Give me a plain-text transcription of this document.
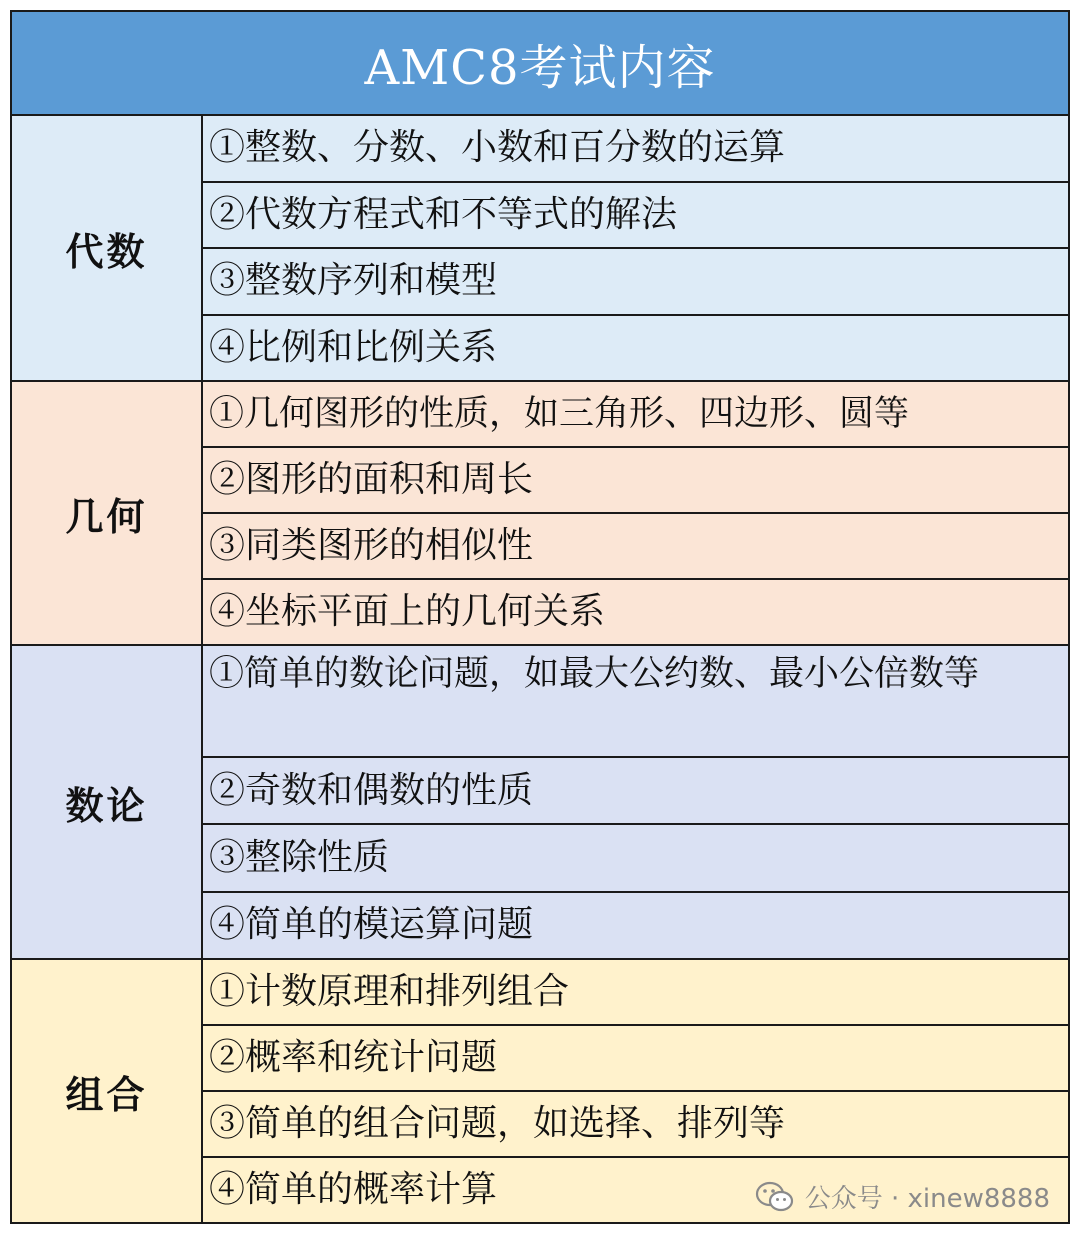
AMC8考试内容
代数
①整数、分数、小数和百分数的运算
②代数方程式和不等式的解法
③整数序列和模型
④比例和比例关系
几何
①几何图形的性质，如三角形、四边形、圆等
②图形的面积和周长
③同类图形的相似性
④坐标平面上的几何关系
数论
①简单的数论问题，如最大公约数、最小公倍数等
②奇数和偶数的性质
③整除性质
④简单的模运算问题
组合
①计数原理和排列组合
②概率和统计问题
③简单的组合问题，如选择、排列等
④简单的概率计算	公众号 · xinew8888
